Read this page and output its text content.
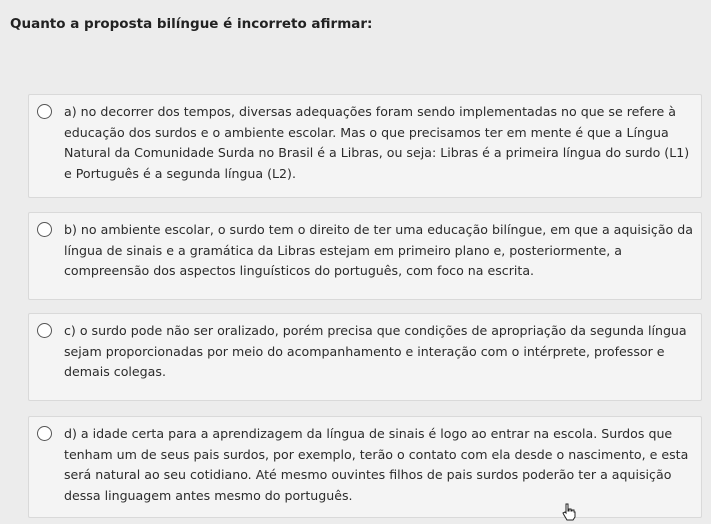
Quanto a proposta bilíngue é incorreto afirmar:

a) no decorrer dos tempos, diversas adequações foram sendo implementadas no que se refere à educação dos surdos e o ambiente escolar. Mas o que precisamos ter em mente é que a Língua Natural da Comunidade Surda no Brasil é a Libras, ou seja: Libras é a primeira língua do surdo (L1) e Português é a segunda língua (L2).

b) no ambiente escolar, o surdo tem o direito de ter uma educação bilíngue, em que a aquisição da língua de sinais e a gramática da Libras estejam em primeiro plano e, posteriormente, a compreensão dos aspectos linguísticos do português, com foco na escrita.

c) o surdo pode não ser oralizado, porém precisa que condições de apropriação da segunda língua sejam proporcionadas por meio do acompanhamento e interação com o intérprete, professor e demais colegas.

d) a idade certa para a aprendizagem da língua de sinais é logo ao entrar na escola. Surdos que tenham um de seus pais surdos, por exemplo, terão o contato com ela desde o nascimento, e esta será natural ao seu cotidiano. Até mesmo ouvintes filhos de pais surdos poderão ter a aquisição dessa linguagem antes mesmo do português.
